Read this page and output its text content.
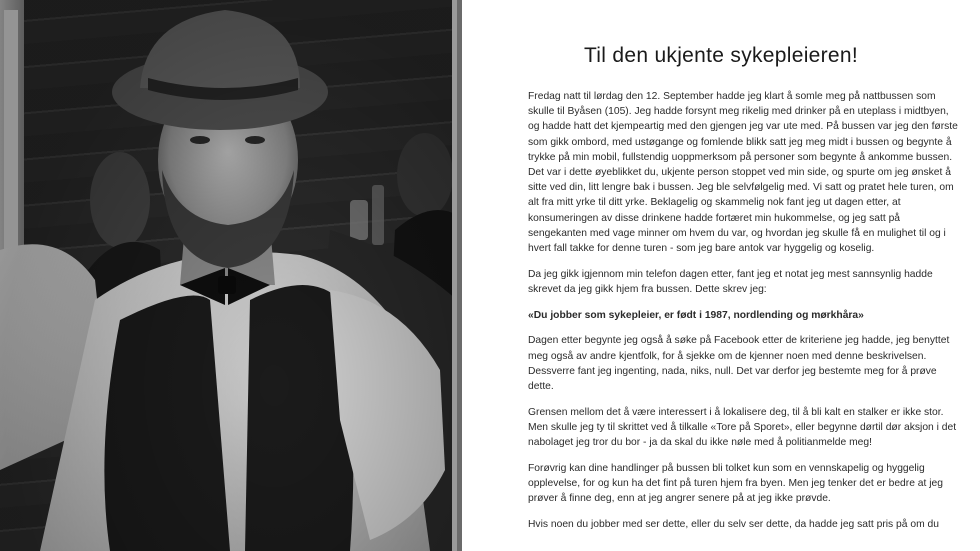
Til den ukjente sykepleieren!

Fredag natt til lørdag den 12. September hadde jeg klart å somle meg på nattbussen som skulle til Byåsen (105). Jeg hadde forsynt meg rikelig med drinker på en uteplass i midtbyen, og hadde hatt det kjempeartig med den gjengen jeg var ute med. På bussen var jeg den første som gikk ombord, med ustøgange og fomlende blikk satt jeg meg midt i bussen og begynte å trykke på min mobil, fullstendig uoppmerksom på personer som begynte å ankomme bussen. Det var i dette øyeblikket du, ukjente person stoppet ved min side, og spurte om jeg ønsket å sitte ved din, litt lengre bak i bussen. Jeg ble selvfølgelig med. Vi satt og pratet hele turen, om alt fra mitt yrke til ditt yrke. Beklagelig og skammelig nok fant jeg ut dagen etter, at konsumeringen av disse drinkene hadde fortæret min hukommelse, og jeg satt på sengekanten med vage minner om hvem du var, og hvordan jeg skulle få en mulighet til og i hvert fall takke for denne turen - som jeg bare antok var hyggelig og koselig.

Da jeg gikk igjennom min telefon dagen etter, fant jeg et notat jeg mest sannsynlig hadde skrevet da jeg gikk hjem fra bussen. Dette skrev jeg:

«Du jobber som sykepleier, er født i 1987, nordlending og mørkhåra»

Dagen etter begynte jeg også å søke på Facebook etter de kriteriene jeg hadde, jeg benyttet meg også av andre kjentfolk, for å sjekke om de kjenner noen med denne beskrivelsen. Dessverre fant jeg ingenting, nada, niks, null. Det var derfor jeg bestemte meg for å prøve dette.

Grensen mellom det å være interessert i å lokalisere deg, til å bli kalt en stalker er ikke stor. Men skulle jeg ty til skrittet ved å tilkalle «Tore på Sporet», eller begynne dørtil dør aksjon i det nabolaget jeg tror du bor - ja da skal du ikke nøle med å politianmelde meg!

Forøvrig kan dine handlinger på bussen bli tolket kun som en vennskapelig og hyggelig opplevelse, for og kun ha det fint på turen hjem fra byen. Men jeg tenker det er bedre at jeg prøver å finne deg, enn at jeg angrer senere på at jeg ikke prøvde.

Hvis noen du jobber med ser dette, eller du selv ser dette, da hadde jeg satt pris på om du
